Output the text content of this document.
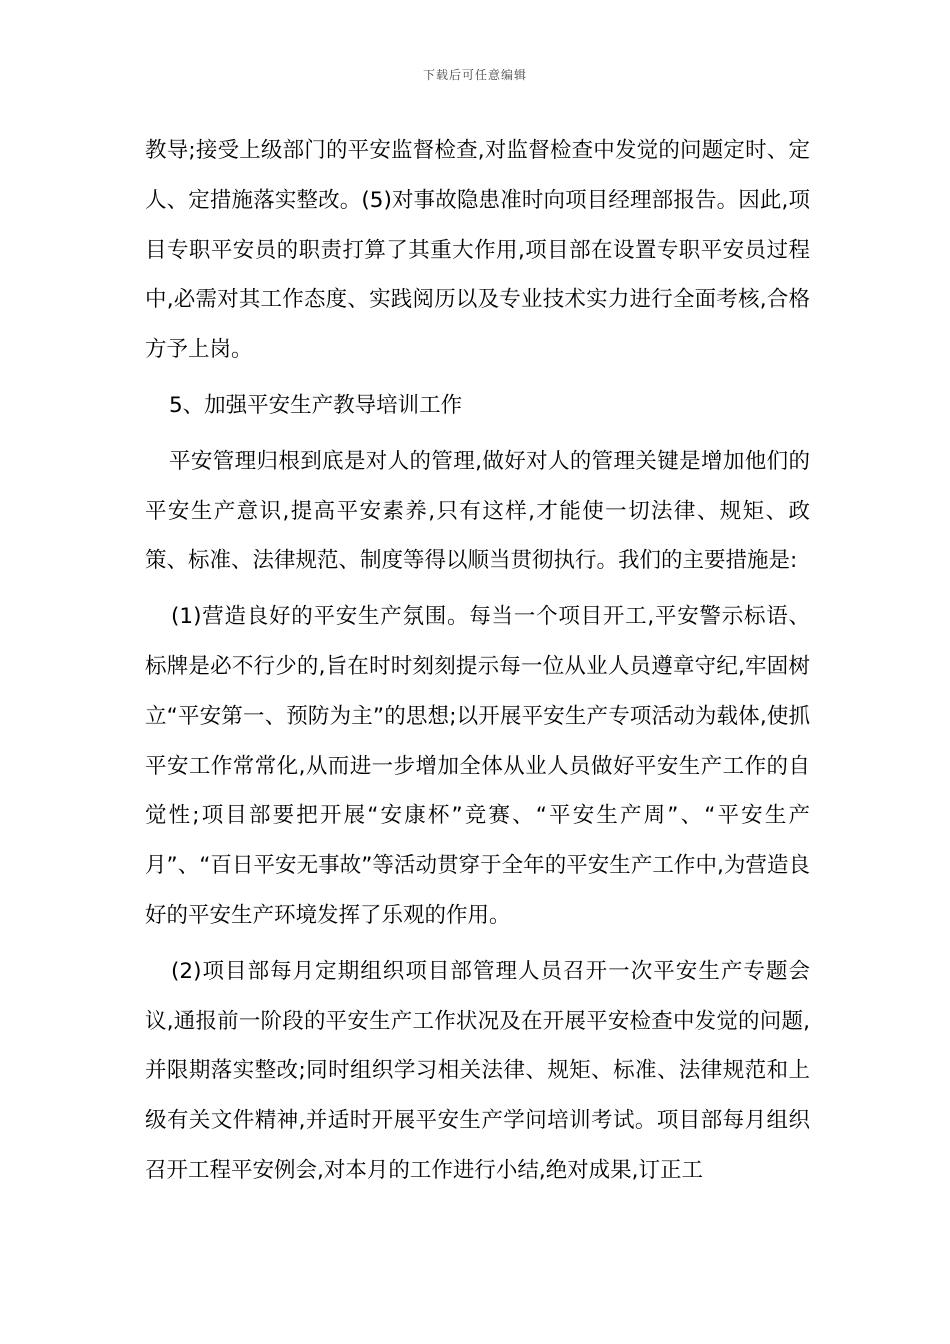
下载后可任意编辑

教导;接受上级部门的平安监督检查,对监督检查中发觉的问题定时、定人、定措施落实整改。(5)对事故隐患准时向项目经理部报告。因此,项目专职平安员的职责打算了其重大作用,项目部在设置专职平安员过程中,必需对其工作态度、实践阅历以及专业技术实力进行全面考核,合格方予上岗。

5、加强平安生产教导培训工作

平安管理归根到底是对人的管理,做好对人的管理关键是增加他们的平安生产意识,提高平安素养,只有这样,才能使一切法律、规矩、政策、标准、法律规范、制度等得以顺当贯彻执行。我们的主要措施是:

(1)营造良好的平安生产氛围。每当一个项目开工,平安警示标语、标牌是必不行少的,旨在时时刻刻提示每一位从业人员遵章守纪,牢固树立“平安第一、预防为主”的思想;以开展平安生产专项活动为载体,使抓平安工作常常化,从而进一步增加全体从业人员做好平安生产工作的自觉性;项目部要把开展“安康杯”竞赛、“平安生产周”、“平安生产月”、“百日平安无事故”等活动贯穿于全年的平安生产工作中,为营造良好的平安生产环境发挥了乐观的作用。

(2)项目部每月定期组织项目部管理人员召开一次平安生产专题会议,通报前一阶段的平安生产工作状况及在开展平安检查中发觉的问题,并限期落实整改;同时组织学习相关法律、规矩、标准、法律规范和上级有关文件精神,并适时开展平安生产学问培训考试。项目部每月组织召开工程平安例会,对本月的工作进行小结,绝对成果,订正工
